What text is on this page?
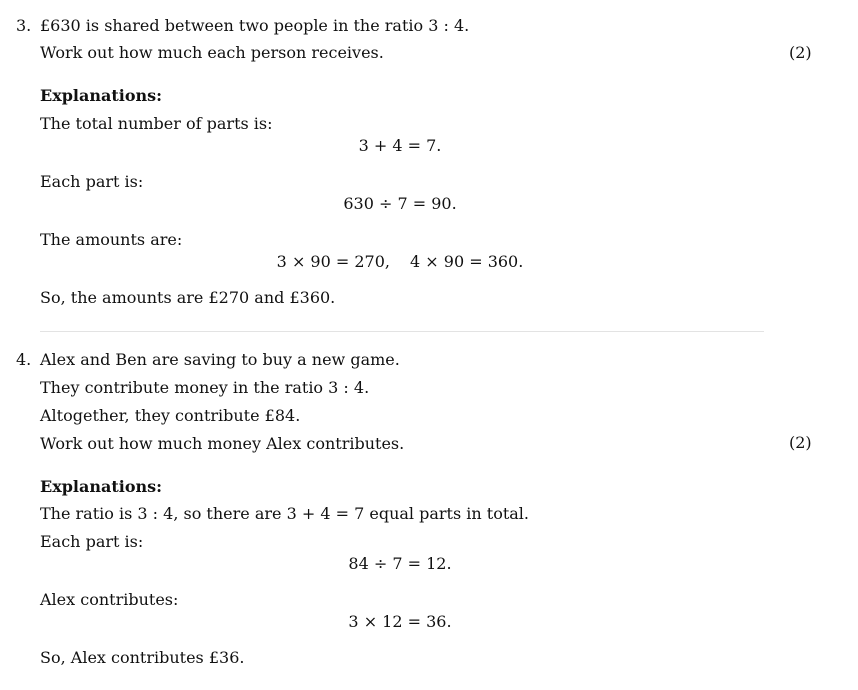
3. £630 is shared between two people in the ratio 3 : 4.
Work out how much each person receives.	(2)
Explanations:
The total number of parts is:
3 + 4 = 7.
Each part is:
630 ÷ 7 = 90.
The amounts are:
3 × 90 = 270, 4 × 90 = 360.
So, the amounts are £270 and £360.
4. Alex and Ben are saving to buy a new game.
They contribute money in the ratio 3 : 4.
Altogether, they contribute £84.
Work out how much money Alex contributes.	(2)
Explanations:
The ratio is 3 : 4, so there are 3 + 4 = 7 equal parts in total.
Each part is:
84 ÷ 7 = 12.
Alex contributes:
3 × 12 = 36.
So, Alex contributes £36.
